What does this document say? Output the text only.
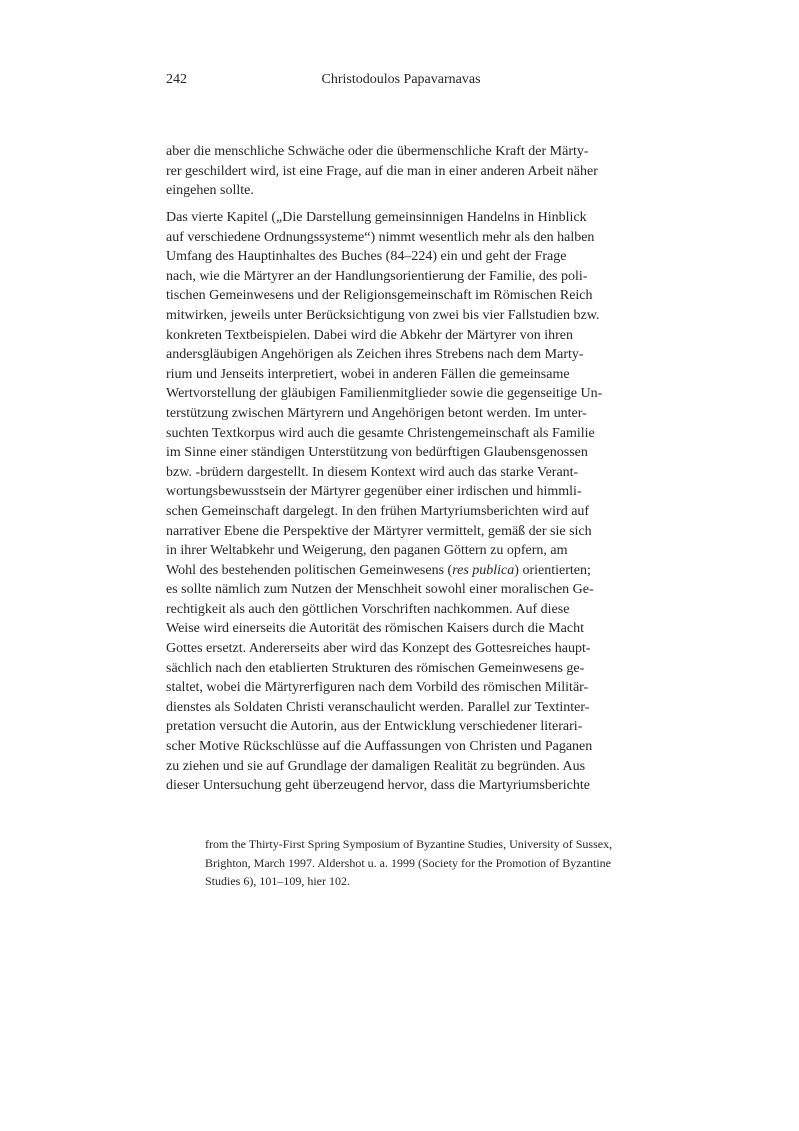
242	Christodoulos Papavarnavas
aber die menschliche Schwäche oder die übermenschliche Kraft der Märty-
rer geschildert wird, ist eine Frage, auf die man in einer anderen Arbeit näher
eingehen sollte.
Das vierte Kapitel („Die Darstellung gemeinsinnigen Handelns in Hinblick
auf verschiedene Ordnungssysteme“) nimmt wesentlich mehr als den halben
Umfang des Hauptinhaltes des Buches (84–224) ein und geht der Frage
nach, wie die Märtyrer an der Handlungsorientierung der Familie, des poli-
tischen Gemeinwesens und der Religionsgemeinschaft im Römischen Reich
mitwirken, jeweils unter Berücksichtigung von zwei bis vier Fallstudien bzw.
konkreten Textbeispielen. Dabei wird die Abkehr der Märtyrer von ihren
andersgläubigen Angehörigen als Zeichen ihres Strebens nach dem Marty-
rium und Jenseits interpretiert, wobei in anderen Fällen die gemeinsame
Wertvorstellung der gläubigen Familienmitglieder sowie die gegenseitige Un-
terstützung zwischen Märtyrern und Angehörigen betont werden. Im unter-
suchten Textkorpus wird auch die gesamte Christengemeinschaft als Familie
im Sinne einer ständigen Unterstützung von bedürftigen Glaubensgenossen
bzw. -brüdern dargestellt. In diesem Kontext wird auch das starke Verant-
wortungsbewusstsein der Märtyrer gegenüber einer irdischen und himmli-
schen Gemeinschaft dargelegt. In den frühen Martyriumsberichten wird auf
narrativer Ebene die Perspektive der Märtyrer vermittelt, gemäß der sie sich
in ihrer Weltabkehr und Weigerung, den paganen Göttern zu opfern, am
Wohl des bestehenden politischen Gemeinwesens (res publica) orientierten;
es sollte nämlich zum Nutzen der Menschheit sowohl einer moralischen Ge-
rechtigkeit als auch den göttlichen Vorschriften nachkommen. Auf diese
Weise wird einerseits die Autorität des römischen Kaisers durch die Macht
Gottes ersetzt. Andererseits aber wird das Konzept des Gottesreiches haupt-
sächlich nach den etablierten Strukturen des römischen Gemeinwesens ge-
staltet, wobei die Märtyrerfiguren nach dem Vorbild des römischen Militär-
dienstes als Soldaten Christi veranschaulicht werden. Parallel zur Textinter-
pretation versucht die Autorin, aus der Entwicklung verschiedener literari-
scher Motive Rückschlüsse auf die Auffassungen von Christen und Paganen
zu ziehen und sie auf Grundlage der damaligen Realität zu begründen. Aus
dieser Untersuchung geht überzeugend hervor, dass die Martyriumsberichte
from the Thirty-First Spring Symposium of Byzantine Studies, University of Sussex,
Brighton, March 1997. Aldershot u. a. 1999 (Society for the Promotion of Byzantine
Studies 6), 101–109, hier 102.
